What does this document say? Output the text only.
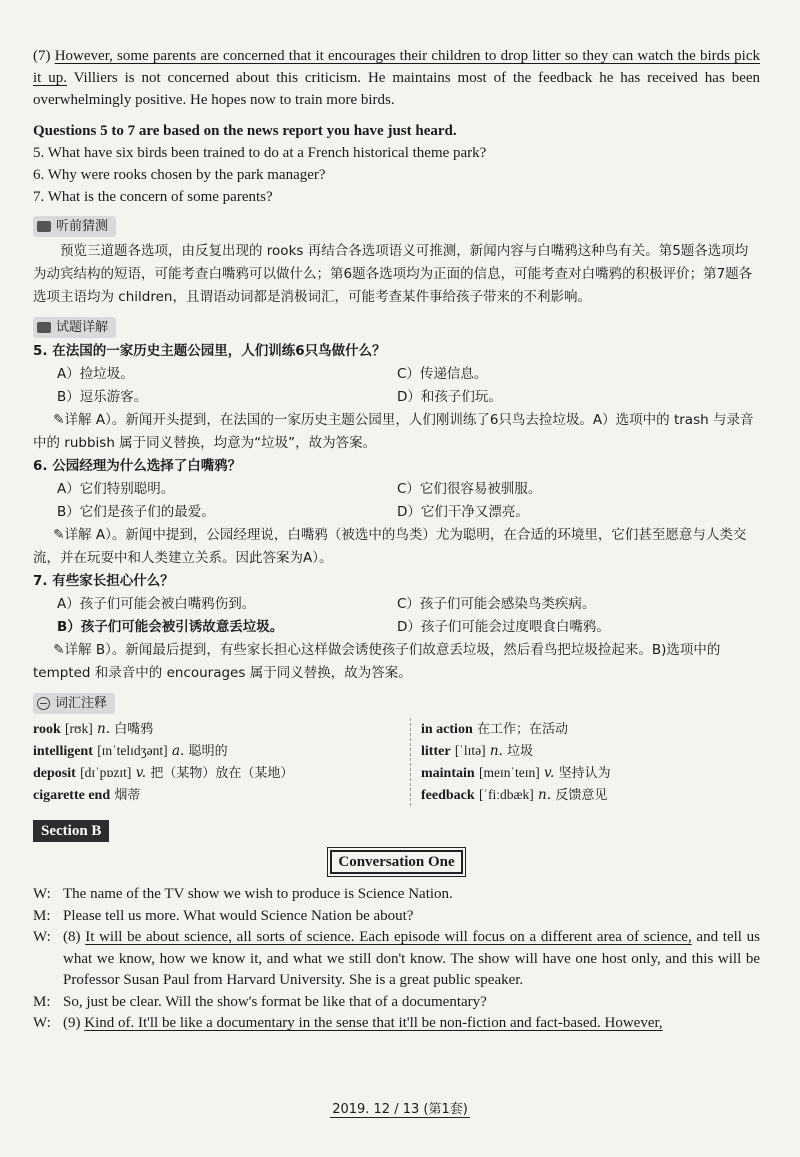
(7) However, some parents are concerned that it encourages their children to drop litter so they can watch the birds pick it up. Villiers is not concerned about this criticism. He maintains most of the feedback he has received has been overwhelmingly positive. He hopes now to train more birds.

Questions 5 to 7 are based on the news report you have just heard.

5. What have six birds been trained to do at a French historical theme park?

6. Why were rooks chosen by the park manager?

7. What is the concern of some parents?

听前猜测

预览三道题各选项，由反复出现的 rooks 再结合各选项语义可推测，新闻内容与白嘴鸦这种鸟有关。第5题各选项均为动宾结构的短语，可能考查白嘴鸦可以做什么；第6题各选项均为正面的信息，可能考查对白嘴鸦的积极评价；第7题各选项主语均为 children，且谓语动词都是消极词汇，可能考查某件事给孩子带来的不利影响。

试题详解

5. 在法国的一家历史主题公园里，人们训练6只鸟做什么？

A）捡垃圾。	C）传递信息。
B）逗乐游客。	D）和孩子们玩。

✎详解 A）。新闻开头提到，在法国的一家历史主题公园里，人们刚训练了6只鸟去捡垃圾。A）选项中的 trash 与录音中的 rubbish 属于同义替换，均意为“垃圾”，故为答案。

6. 公园经理为什么选择了白嘴鸦？

A）它们特别聪明。	C）它们很容易被驯服。
B）它们是孩子们的最爱。	D）它们干净又漂亮。

✎详解 A）。新闻中提到，公园经理说，白嘴鸦（被选中的鸟类）尤为聪明，在合适的环境里，它们甚至愿意与人类交流，并在玩耍中和人类建立关系。因此答案为A）。

7. 有些家长担心什么？

A）孩子们可能会被白嘴鸦伤到。	C）孩子们可能会感染鸟类疾病。
B）孩子们可能会被引诱故意丢垃圾。	D）孩子们可能会过度喂食白嘴鸦。

✎详解 B）。新闻最后提到，有些家长担心这样做会诱使孩子们故意丢垃圾，然后看鸟把垃圾捡起来。B)选项中的 tempted 和录音中的 encourages 属于同义替换，故为答案。

词汇注释
rook [rʊk] n. 白嘴鸦
intelligent [ɪnˈtelɪdʒənt] a. 聪明的
deposit [dɪˈpɒzɪt] v. 把（某物）放在（某地）
cigarette end 烟蒂
in action 在工作；在活动
litter [ˈlɪtə] n. 垃圾
maintain [meɪnˈteɪn] v. 坚持认为
feedback [ˈfiːdbæk] n. 反馈意见
Section B
Conversation One
W: The name of the TV show we wish to produce is Science Nation.
M: Please tell us more. What would Science Nation be about?
W: (8) It will be about science, all sorts of science. Each episode will focus on a different area of science, and tell us what we know, how we know it, and what we still don't know. The show will have one host only, and this will be Professor Susan Paul from Harvard University. She is a great public speaker.
M: So, just be clear. Will the show's format be like that of a documentary?
W: (9) Kind of. It'll be like a documentary in the sense that it'll be non-fiction and fact-based. However,
2019. 12 / 13 (第1套)
